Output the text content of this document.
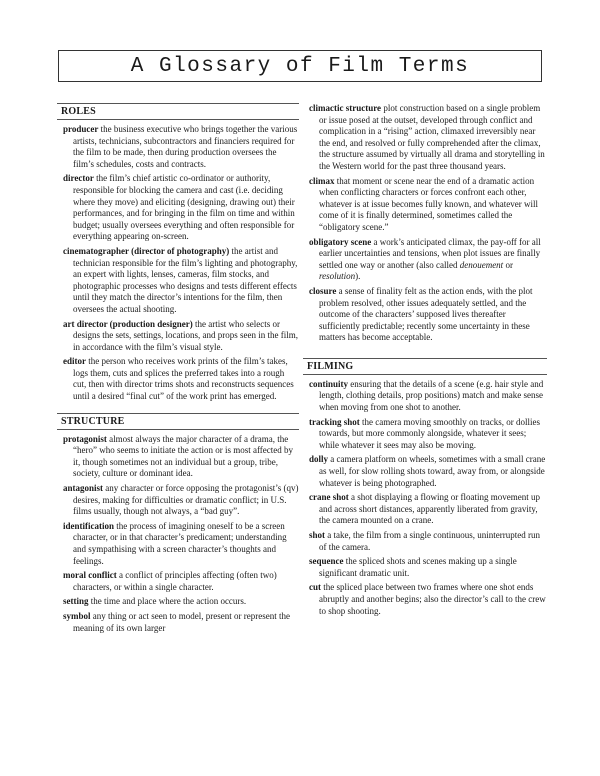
A Glossary of Film Terms
ROLES

producer the business executive who brings together the various artists, technicians, subcontractors and financiers required for the film to be made, then during production oversees the film’s schedules, costs and contracts.

director the film’s chief artistic co-ordinator or authority, responsible for blocking the camera and cast (i.e. deciding where they move) and eliciting (designing, drawing out) their performances, and for bringing in the film on time and within budget; usually oversees everything and often responsible for everything appearing on-screen.

cinematographer (director of photography) the artist and technician responsible for the film’s lighting and photography, an expert with lights, lenses, cameras, film stocks, and photographic processes who designs and tests different effects until they match the director’s intentions for the film, then oversees the actual shooting.

art director (production designer) the artist who selects or designs the sets, settings, locations, and props seen in the film, in accordance with the film’s visual style.

editor the person who receives work prints of the film’s takes, logs them, cuts and splices the preferred takes into a rough cut, then with director trims shots and reconstructs sequences until a desired “final cut” of the work print has emerged.

STRUCTURE

protagonist almost always the major character of a drama, the “hero” who seems to initiate the action or is most affected by it, though sometimes not an individual but a group, tribe, society, culture or dominant idea.

antagonist any character or force opposing the protagonist’s (qv) desires, making for difficulties or dramatic conflict; in U.S. films usually, though not always, a “bad guy”.

identification the process of imagining oneself to be a screen character, or in that character’s predicament; understanding and sympathising with a screen character’s thoughts and feelings.

moral conflict a conflict of principles affecting (often two) characters, or within a single character.

setting the time and place where the action occurs.

symbol any thing or act seen to model, present or represent the meaning of its own larger

climactic structure plot construction based on a single problem or issue posed at the outset, developed through conflict and complication in a “rising” action, climaxed irreversibly near the end, and resolved or fully comprehended after the climax, the structure assumed by virtually all drama and storytelling in the Western world for the past three thousand years.

climax that moment or scene near the end of a dramatic action when conflicting characters or forces confront each other, whatever is at issue becomes fully known, and whatever will come of it is finally determined, sometimes called the “obligatory scene.”

obligatory scene a work’s anticipated climax, the pay-off for all earlier uncertainties and tensions, when plot issues are finally settled one way or another (also called denouement or resolution).

closure a sense of finality felt as the action ends, with the plot problem resolved, other issues adequately settled, and the outcome of the characters’ supposed lives thereafter sufficiently predictable; recently some uncertainty in these matters has become acceptable.

FILMING

continuity ensuring that the details of a scene (e.g. hair style and length, clothing details, prop positions) match and make sense when moving from one shot to another.

tracking shot the camera moving smoothly on tracks, or dollies towards, but more commonly alongside, whatever it sees; while whatever it sees may also be moving.

dolly a camera platform on wheels, sometimes with a small crane as well, for slow rolling shots toward, away from, or alongside whatever is being photographed.

crane shot a shot displaying a flowing or floating movement up and across short distances, apparently liberated from gravity, the camera mounted on a crane.

shot a take, the film from a single continuous, uninterrupted run of the camera.

sequence the spliced shots and scenes making up a single significant dramatic unit.

cut the spliced place between two frames where one shot ends abruptly and another begins; also the director’s call to the crew to shop shooting.
